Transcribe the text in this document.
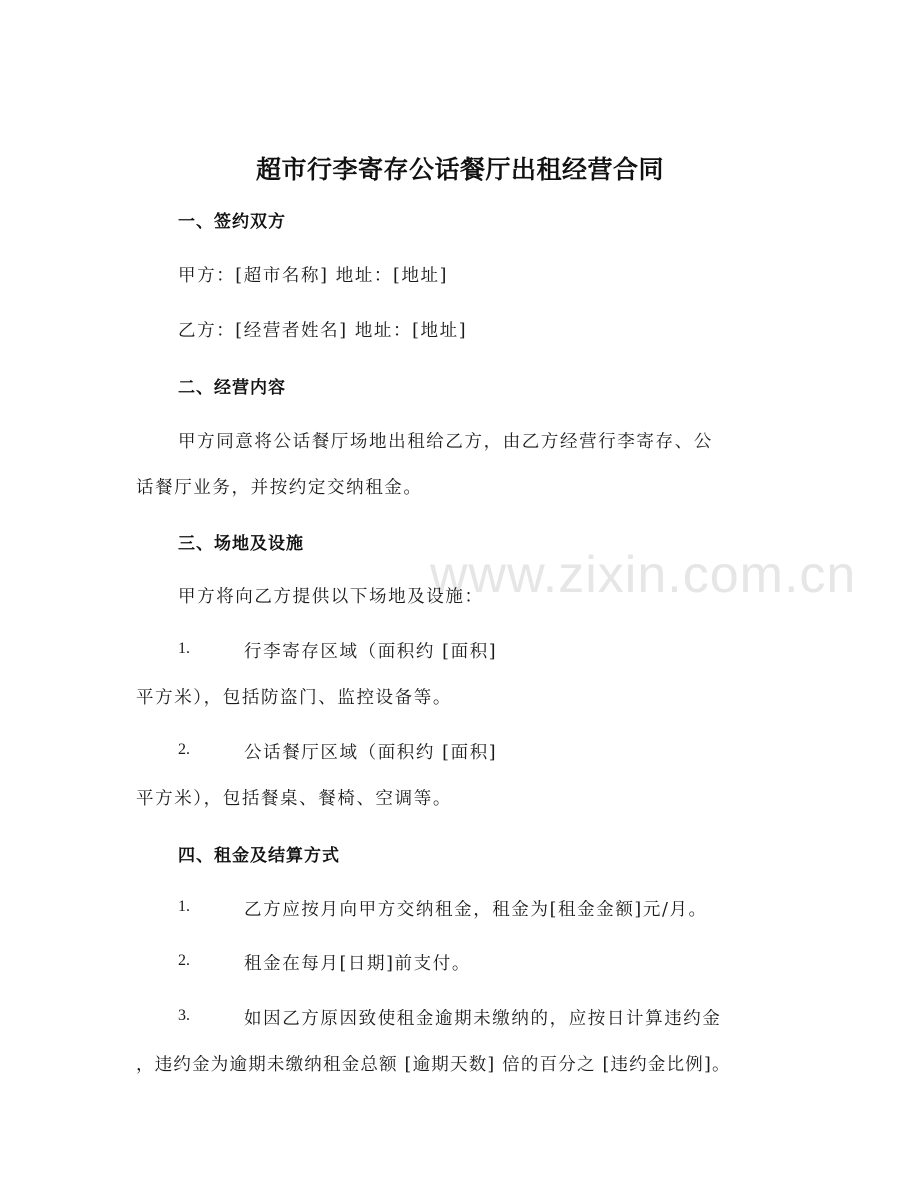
www.zixin.com.cn
超市行李寄存公话餐厅出租经营合同
一、签约双方
甲方：[超市名称] 地址：[地址]
乙方：[经营者姓名] 地址：[地址]
二、经营内容
甲方同意将公话餐厅场地出租给乙方，由乙方经营行李寄存、公
话餐厅业务，并按约定交纳租金。
三、场地及设施
甲方将向乙方提供以下场地及设施：
1.	行李寄存区域（面积约 [面积]
平方米），包括防盗门、监控设备等。
2.	公话餐厅区域（面积约 [面积]
平方米），包括餐桌、餐椅、空调等。
四、租金及结算方式
1.	乙方应按月向甲方交纳租金，租金为[租金金额]元/月。
2.	租金在每月[日期]前支付。
3.	如因乙方原因致使租金逾期未缴纳的，应按日计算违约金
，违约金为逾期未缴纳租金总额 [逾期天数] 倍的百分之 [违约金比例]。
